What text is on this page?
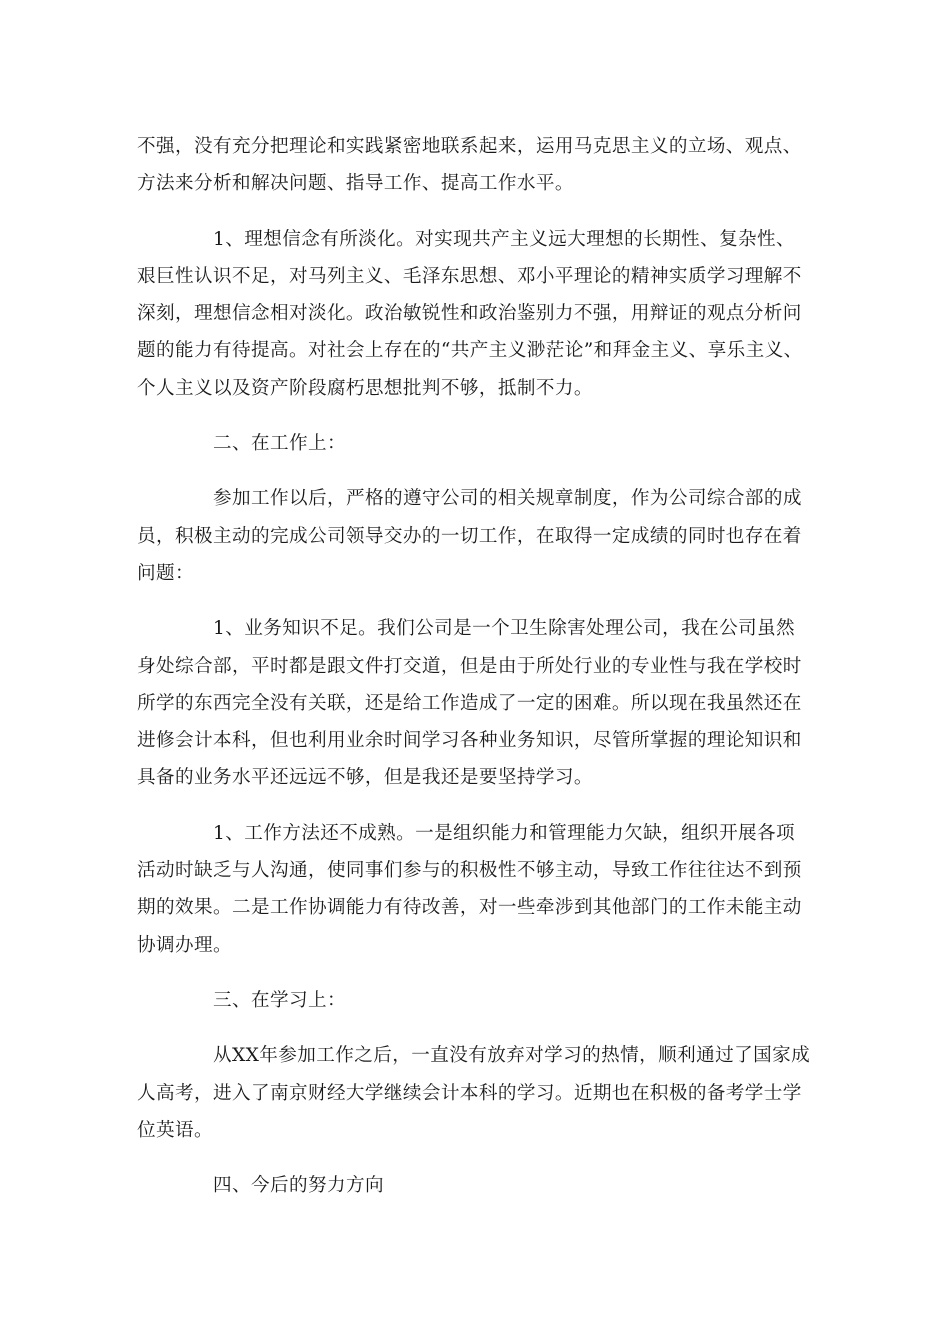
不强，没有充分把理论和实践紧密地联系起来，运用马克思主义的立场、观点、
方法来分析和解决问题、指导工作、提高工作水平。
1、理想信念有所淡化。对实现共产主义远大理想的长期性、复杂性、
艰巨性认识不足，对马列主义、毛泽东思想、邓小平理论的精神实质学习理解不
深刻，理想信念相对淡化。政治敏锐性和政治鉴别力不强，用辩证的观点分析问
题的能力有待提高。对社会上存在的“共产主义渺茫论”和拜金主义、享乐主义、
个人主义以及资产阶段腐朽思想批判不够，抵制不力。
二、在工作上：
参加工作以后，严格的遵守公司的相关规章制度，作为公司综合部的成
员，积极主动的完成公司领导交办的一切工作，在取得一定成绩的同时也存在着
问题：
1、业务知识不足。我们公司是一个卫生除害处理公司，我在公司虽然
身处综合部，平时都是跟文件打交道，但是由于所处行业的专业性与我在学校时
所学的东西完全没有关联，还是给工作造成了一定的困难。所以现在我虽然还在
进修会计本科，但也利用业余时间学习各种业务知识，尽管所掌握的理论知识和
具备的业务水平还远远不够，但是我还是要坚持学习。
1、工作方法还不成熟。一是组织能力和管理能力欠缺，组织开展各项
活动时缺乏与人沟通，使同事们参与的积极性不够主动，导致工作往往达不到预
期的效果。二是工作协调能力有待改善，对一些牵涉到其他部门的工作未能主动
协调办理。
三、在学习上：
从XX年参加工作之后，一直没有放弃对学习的热情，顺利通过了国家成
人高考，进入了南京财经大学继续会计本科的学习。近期也在积极的备考学士学
位英语。
四、今后的努力方向
